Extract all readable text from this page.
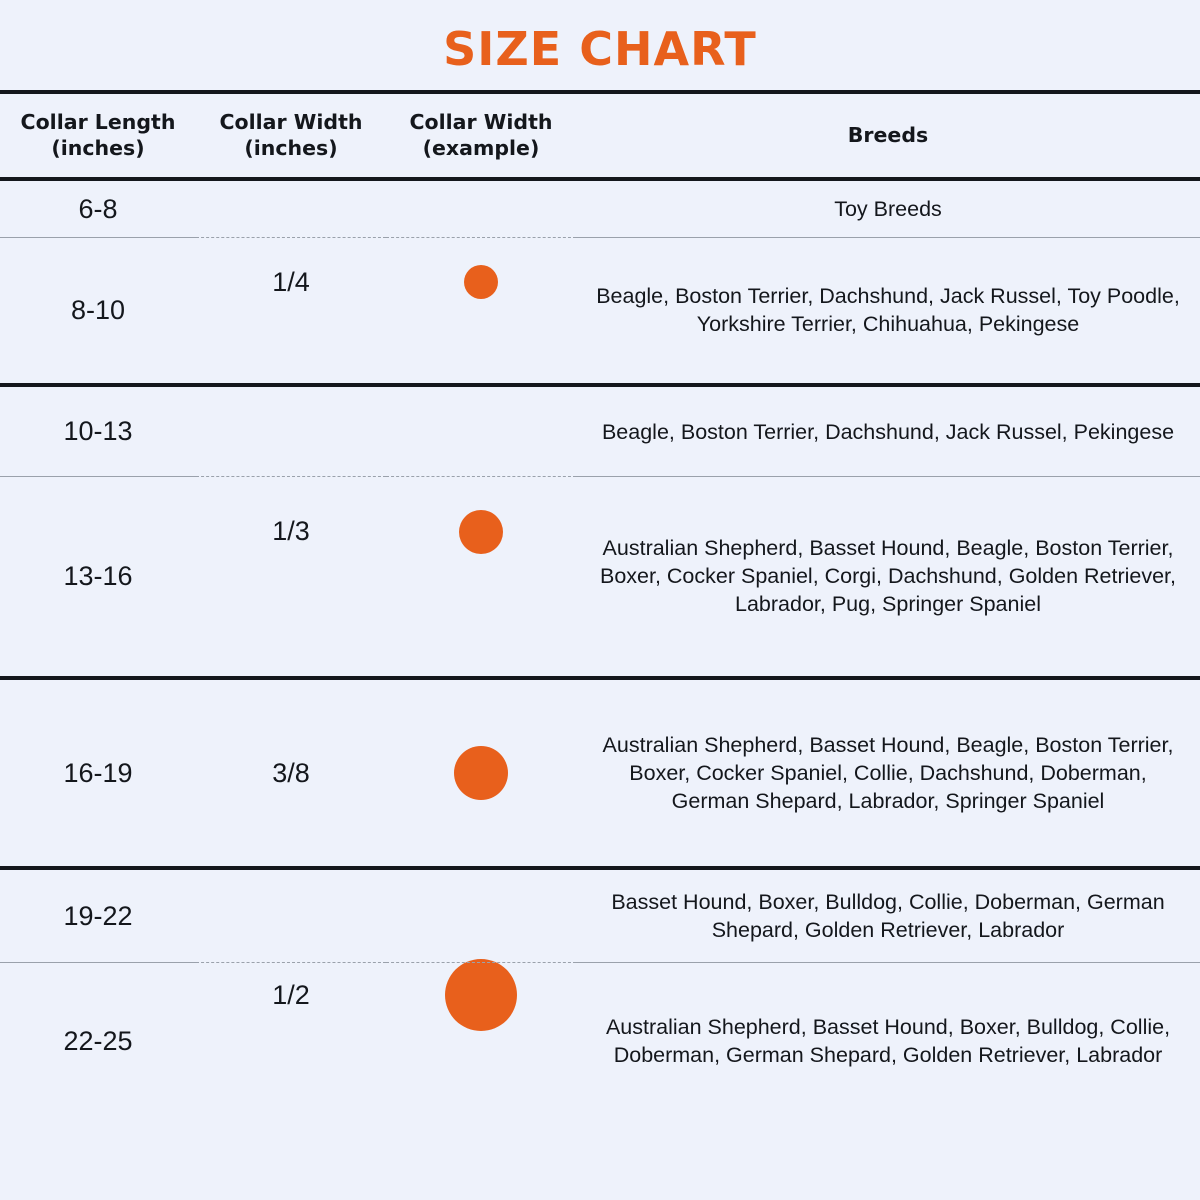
SIZE CHART
Collar Length
(inches)
Collar Width
(inches)
Collar Width
(example)
Breeds
6-8
8-10
1/4
Toy Breeds
Beagle, Boston Terrier, Dachshund, Jack Russel, Toy Poodle, Yorkshire Terrier, Chihuahua, Pekingese
10-13
13-16
1/3
Beagle, Boston Terrier, Dachshund, Jack Russel, Pekingese
Australian Shepherd, Basset Hound, Beagle, Boston Terrier, Boxer, Cocker Spaniel, Corgi, Dachshund, Golden Retriever, Labrador, Pug, Springer Spaniel
16-19	3/8
Australian Shepherd, Basset Hound, Beagle, Boston Terrier, Boxer, Cocker Spaniel, Collie, Dachshund, Doberman, German Shepard, Labrador, Springer Spaniel
19-22
22-25
1/2
Basset Hound, Boxer, Bulldog, Collie, Doberman, German Shepard, Golden Retriever, Labrador
Australian Shepherd, Basset Hound, Boxer, Bulldog, Collie, Doberman, German Shepard, Golden Retriever, Labrador
